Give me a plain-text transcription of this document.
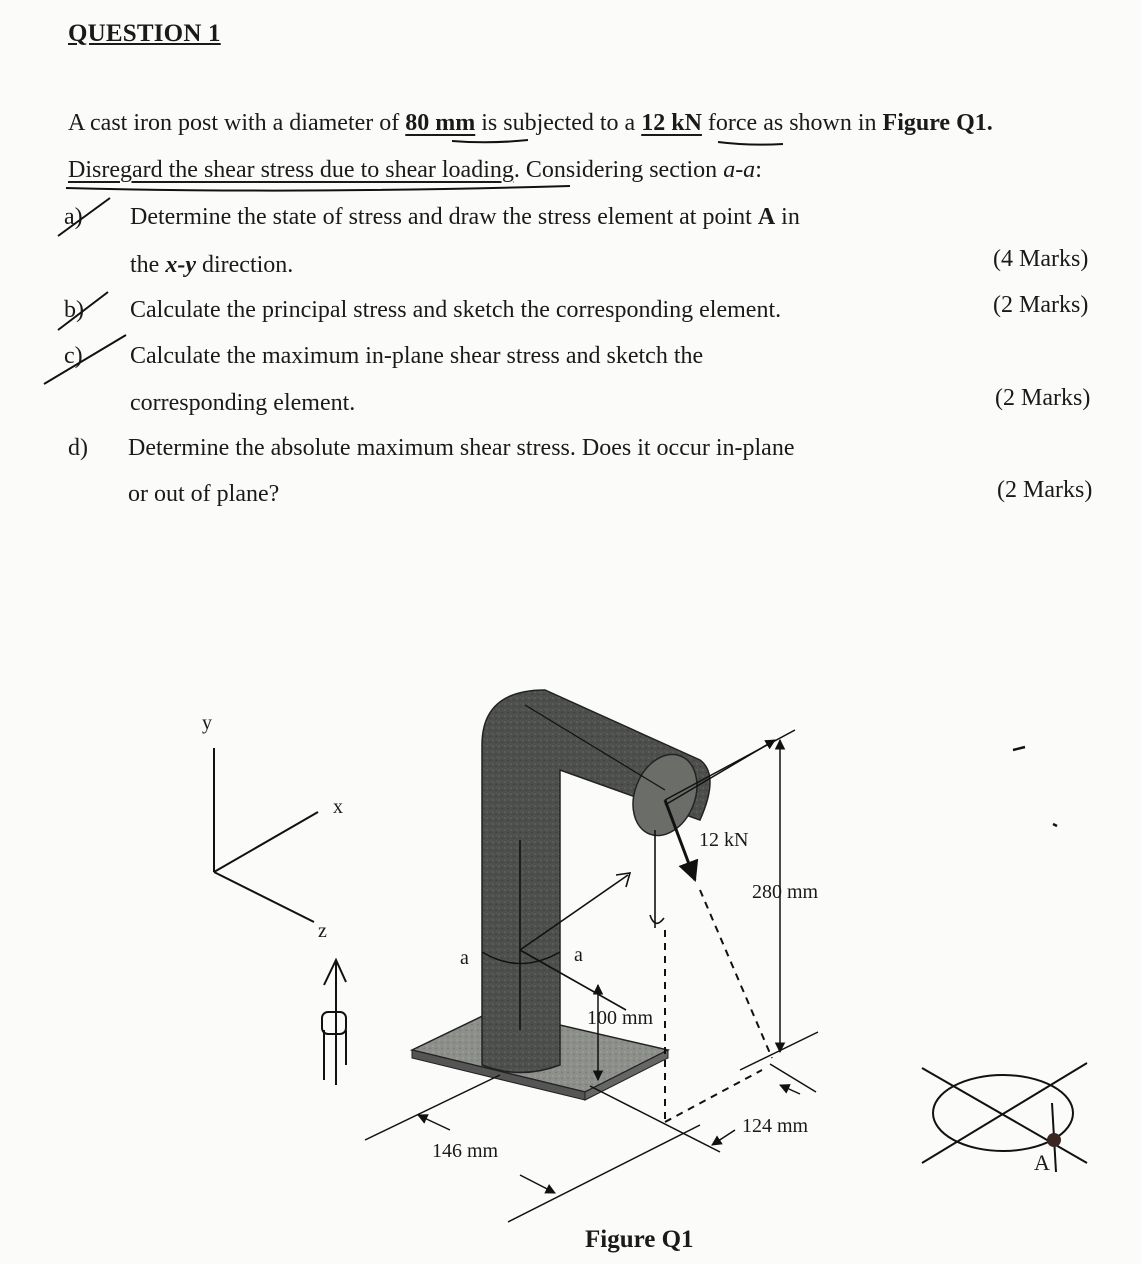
QUESTION 1
A cast iron post with a diameter of 80 mm is subjected to a 12 kN force as shown in Figure Q1.
Disregard the shear stress due to shear loading. Considering section a-a:
a) Determine the state of stress and draw the stress element at point A in
the x-y direction.	(4 Marks)
b) Calculate the principal stress and sketch the corresponding element.	(2 Marks)
c) Calculate the maximum in-plane shear stress and sketch the
corresponding element.	(2 Marks)
d) Determine the absolute maximum shear stress. Does it occur in-plane
or out of plane?	(2 Marks)
y
x
z
12 kN
280 mm
a	a
100 mm
124 mm
146 mm	A
Figure Q1
